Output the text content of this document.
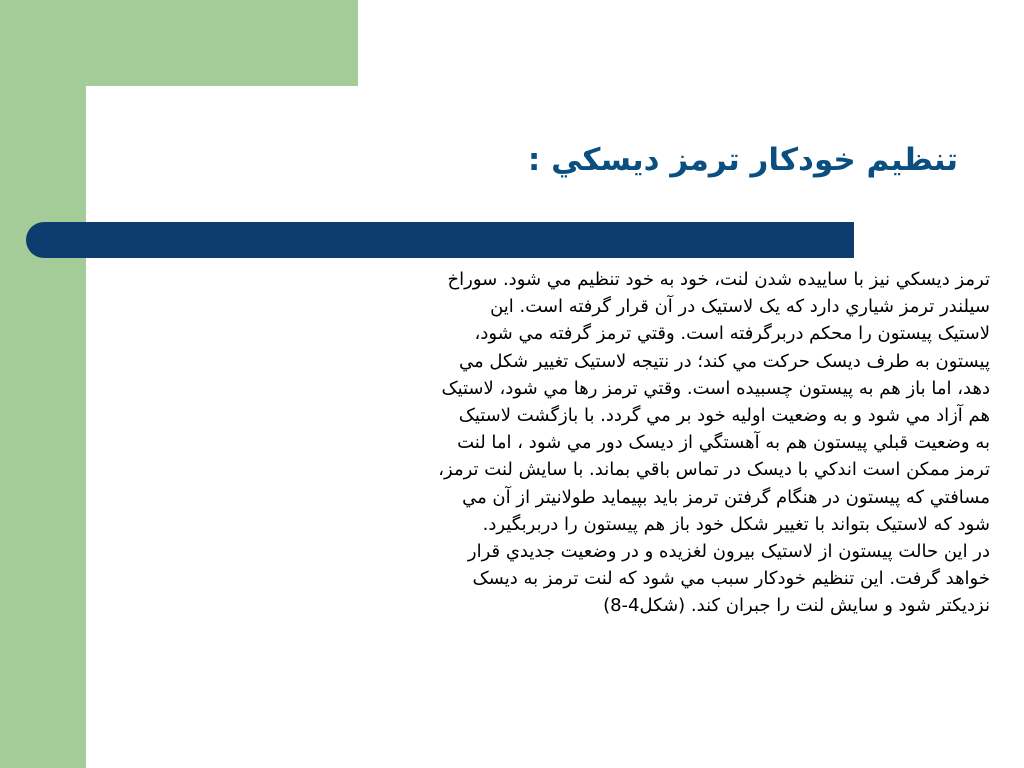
تنظيم خودکار ترمز ديسکي :
ترمز ديسکي نيز با ساييده شدن لنت، خود به خود تنظيم مي شود. سوراخ
سيلندر ترمز شياري دارد که يک لاستيک در آن قرار گرفته است. اين
لاستيک پيستون را محکم دربرگرفته است. وقتي ترمز گرفته مي شود،
پيستون به طرف ديسک حرکت مي کند؛ در نتيجه لاستيک تغيير شکل مي
دهد، اما باز هم به پيستون چسبيده است. وقتي ترمز رها مي شود، لاستيک
هم آزاد مي شود و به وضعيت اوليه خود بر مي گردد. با بازگشت لاستيک
به وضعيت قبلي پيستون هم به آهستگي از ديسک دور مي شود ، اما لنت
ترمز ممکن است اندکي با ديسک در تماس باقي بماند. با سايش لنت ترمز،
مسافتي که پيستون در هنگام گرفتن ترمز بايد بپيمايد طولانيتر از آن مي
شود که لاستيک بتواند با تغيير شکل خود باز هم پيستون را دربربگيرد.
در اين حالت پيستون از لاستيک بيرون لغزيده و در وضعيت جديدي قرار
خواهد گرفت. اين تنظيم خودکار سبب مي شود که لنت ترمز به ديسک
نزديکتر شود و سايش لنت را جبران کند. (شکل4-8)
